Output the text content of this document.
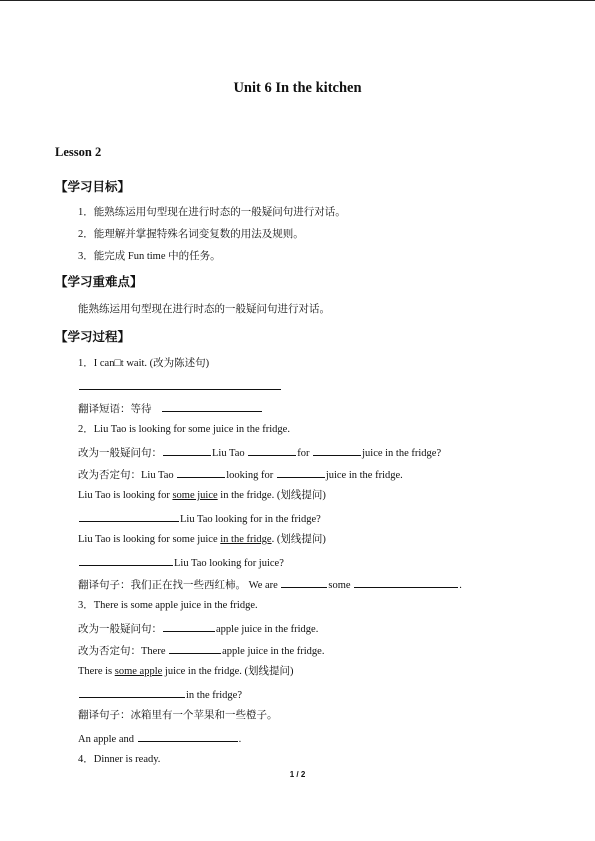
Unit 6 In the kitchen
Lesson 2
【学习目标】
1．能熟练运用句型现在进行时态的一般疑问句进行对话。
2．能理解并掌握特殊名词变复数的用法及规则。
3．能完成 Fun time 中的任务。
【学习重难点】
能熟练运用句型现在进行时态的一般疑问句进行对话。
【学习过程】
1．I can□t wait. (改为陈述句)
翻译短语：等待
2．Liu Tao is looking for some juice in the fridge.
改为一般疑问句：	Liu Tao	for	juice in the fridge?
改为否定句：Liu Tao	looking for	juice in the fridge.
Liu Tao is looking for some juice in the fridge. (划线提问)
Liu Tao looking for in the fridge?
Liu Tao is looking for some juice in the fridge. (划线提问)
Liu Tao looking for juice?
翻译句子：我们正在找一些西红柿。 We are	some	.
3．There is some apple juice in the fridge.
改为一般疑问句：	apple juice in the fridge.
改为否定句：There	apple juice in the fridge.
There is some apple juice in the fridge. (划线提问)
in the fridge?
翻译句子：冰箱里有一个苹果和一些橙子。
An apple and	.
4．Dinner is ready.
1 / 2
